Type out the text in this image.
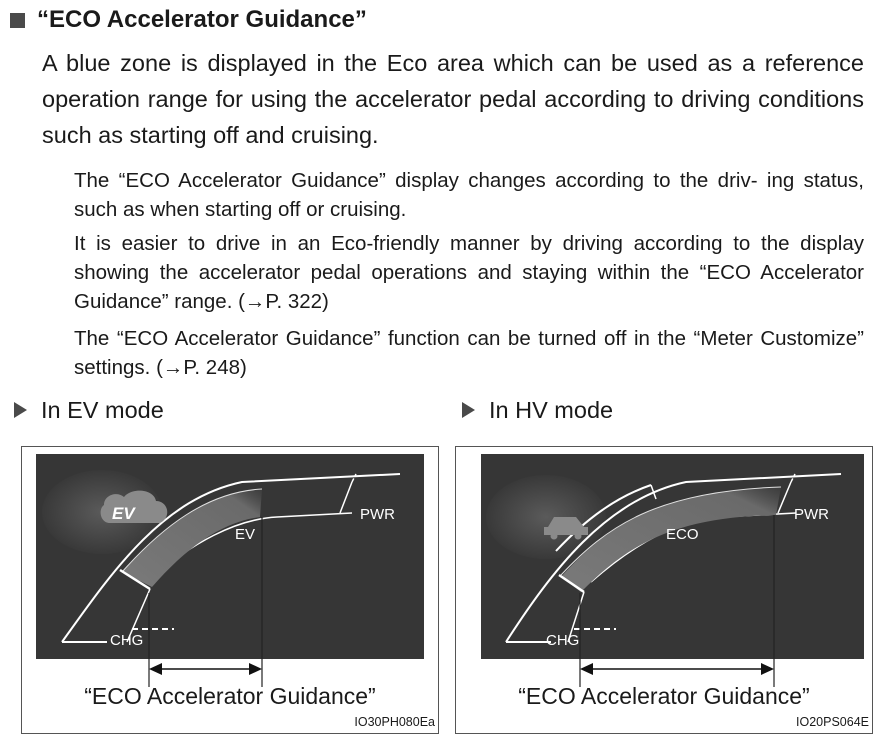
“ECO Accelerator Guidance”

A blue zone is displayed in the Eco area which can be used as a reference operation range for using the accelerator pedal according to driving conditions such as starting off and cruising.

The “ECO Accelerator Guidance” display changes according to the driv- ing status, such as when starting off or cruising.

It is easier to drive in an Eco-friendly manner by driving according to the display showing the accelerator pedal operations and staying within the “ECO Accelerator Guidance” range. (→P. 322)

The “ECO Accelerator Guidance” function can be turned off in the “Meter Customize” settings. (→P. 248)

In EV mode	In HV mode
EV
EV
PWR
CHG
“ECO Accelerator Guidance”
IO30PH080Ea
ECO
PWR
CHG
“ECO Accelerator Guidance”
IO20PS064E
